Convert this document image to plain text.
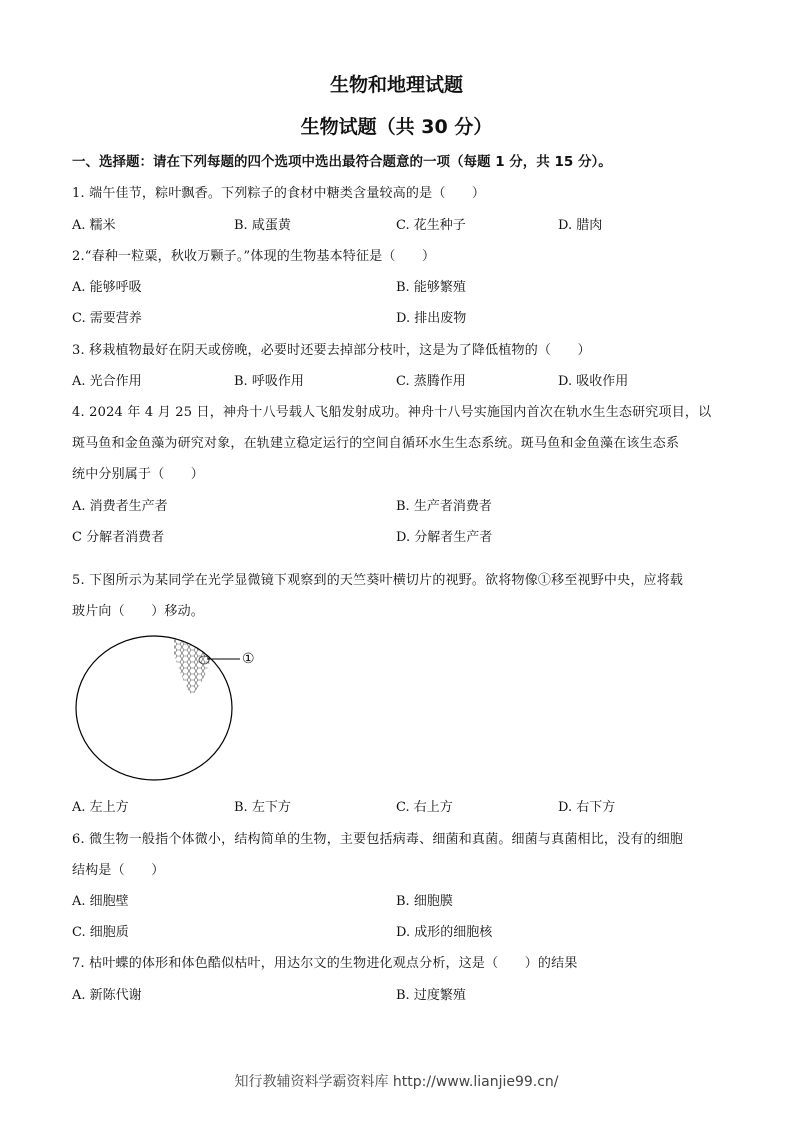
生物和地理试题
生物试题（共 30 分）
一、选择题：请在下列每题的四个选项中选出最符合题意的一项（每题 1 分，共 15 分）。
1. 端午佳节，粽叶飘香。下列粽子的食材中糖类含量较高的是（　　）
A. 糯米	B. 咸蛋黄	C. 花生种子	D. 腊肉
2.“春种一粒粟，秋收万颗子。”体现的生物基本特征是（　　）
A. 能够呼吸	B. 能够繁殖
C. 需要营养	D. 排出废物
3. 移栽植物最好在阴天或傍晚，必要时还要去掉部分枝叶，这是为了降低植物的（　　）
A. 光合作用	B. 呼吸作用	C. 蒸腾作用	D. 吸收作用
4. 2024 年 4 月 25 日，神舟十八号载人飞船发射成功。神舟十八号实施国内首次在轨水生生态研究项目，以
斑马鱼和金鱼藻为研究对象，在轨建立稳定运行的空间自循环水生生态系统。斑马鱼和金鱼藻在该生态系
统中分别属于（　　）
A. 消费者生产者	B. 生产者消费者
C 分解者消费者	D. 分解者生产者
5. 下图所示为某同学在光学显微镜下观察到的天竺葵叶横切片的视野。欲将物像①移至视野中央，应将载
玻片向（　　）移动。
①
A. 左上方	B. 左下方	C. 右上方	D. 右下方
6. 微生物一般指个体微小，结构简单的生物，主要包括病毒、细菌和真菌。细菌与真菌相比，没有的细胞
结构是（　　）
A. 细胞壁	B. 细胞膜
C. 细胞质	D. 成形的细胞核
7. 枯叶蝶的体形和体色酷似枯叶，用达尔文的生物进化观点分析，这是（　　）的结果
A. 新陈代谢	B. 过度繁殖
知行教辅资料学霸资料库 http://www.lianjie99.cn/
